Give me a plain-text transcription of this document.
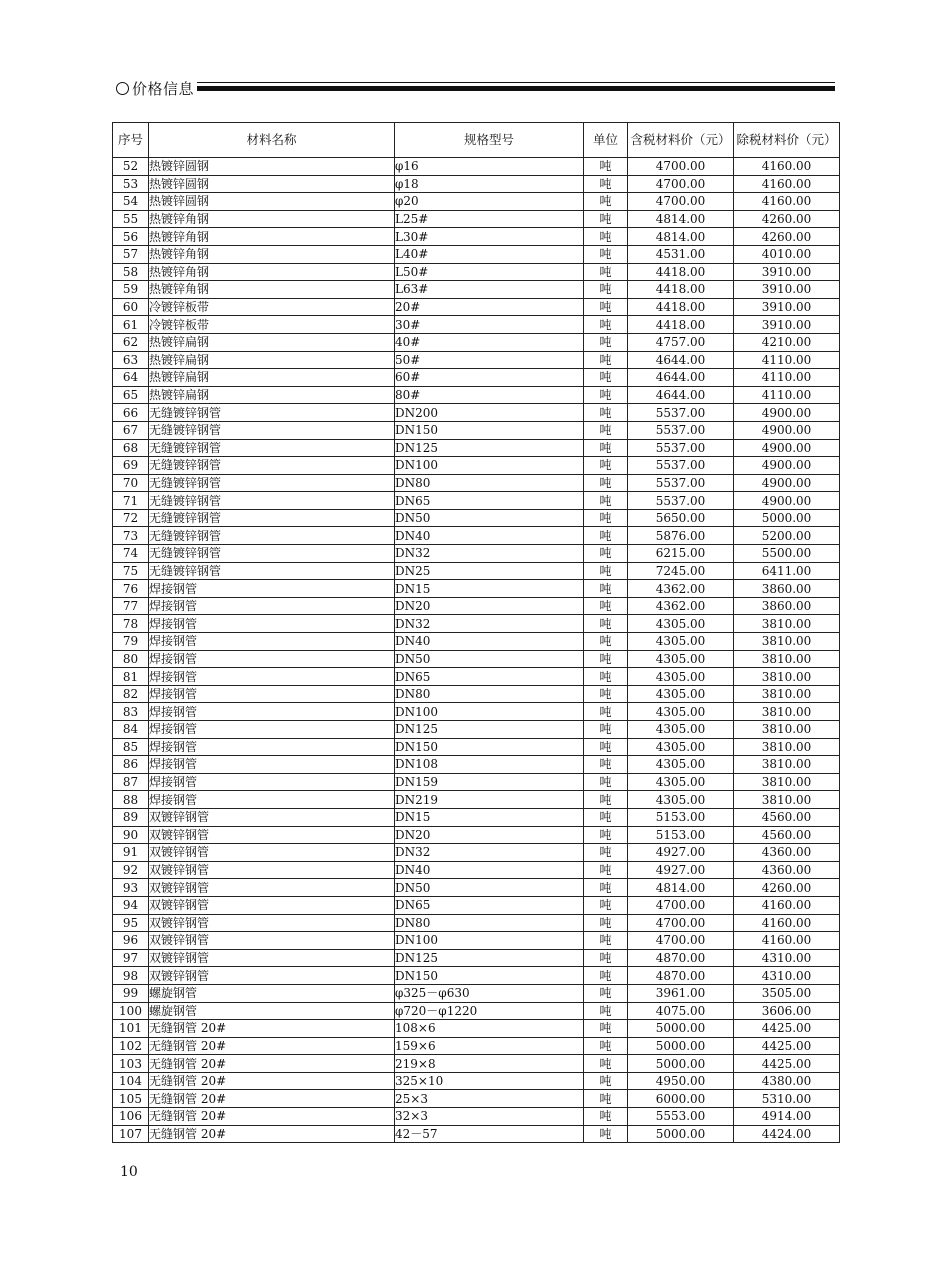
价格信息
序号	材料名称	规格型号	单位	含税材料价（元）	除税材料价（元）
52	热镀锌圆钢	φ16	吨	4700.00	4160.00
53	热镀锌圆钢	φ18	吨	4700.00	4160.00
54	热镀锌圆钢	φ20	吨	4700.00	4160.00
55	热镀锌角钢	L25#	吨	4814.00	4260.00
56	热镀锌角钢	L30#	吨	4814.00	4260.00
57	热镀锌角钢	L40#	吨	4531.00	4010.00
58	热镀锌角钢	L50#	吨	4418.00	3910.00
59	热镀锌角钢	L63#	吨	4418.00	3910.00
60	冷镀锌板带	20#	吨	4418.00	3910.00
61	冷镀锌板带	30#	吨	4418.00	3910.00
62	热镀锌扁钢	40#	吨	4757.00	4210.00
63	热镀锌扁钢	50#	吨	4644.00	4110.00
64	热镀锌扁钢	60#	吨	4644.00	4110.00
65	热镀锌扁钢	80#	吨	4644.00	4110.00
66	无缝镀锌钢管	DN200	吨	5537.00	4900.00
67	无缝镀锌钢管	DN150	吨	5537.00	4900.00
68	无缝镀锌钢管	DN125	吨	5537.00	4900.00
69	无缝镀锌钢管	DN100	吨	5537.00	4900.00
70	无缝镀锌钢管	DN80	吨	5537.00	4900.00
71	无缝镀锌钢管	DN65	吨	5537.00	4900.00
72	无缝镀锌钢管	DN50	吨	5650.00	5000.00
73	无缝镀锌钢管	DN40	吨	5876.00	5200.00
74	无缝镀锌钢管	DN32	吨	6215.00	5500.00
75	无缝镀锌钢管	DN25	吨	7245.00	6411.00
76	焊接钢管	DN15	吨	4362.00	3860.00
77	焊接钢管	DN20	吨	4362.00	3860.00
78	焊接钢管	DN32	吨	4305.00	3810.00
79	焊接钢管	DN40	吨	4305.00	3810.00
80	焊接钢管	DN50	吨	4305.00	3810.00
81	焊接钢管	DN65	吨	4305.00	3810.00
82	焊接钢管	DN80	吨	4305.00	3810.00
83	焊接钢管	DN100	吨	4305.00	3810.00
84	焊接钢管	DN125	吨	4305.00	3810.00
85	焊接钢管	DN150	吨	4305.00	3810.00
86	焊接钢管	DN108	吨	4305.00	3810.00
87	焊接钢管	DN159	吨	4305.00	3810.00
88	焊接钢管	DN219	吨	4305.00	3810.00
89	双镀锌钢管	DN15	吨	5153.00	4560.00
90	双镀锌钢管	DN20	吨	5153.00	4560.00
91	双镀锌钢管	DN32	吨	4927.00	4360.00
92	双镀锌钢管	DN40	吨	4927.00	4360.00
93	双镀锌钢管	DN50	吨	4814.00	4260.00
94	双镀锌钢管	DN65	吨	4700.00	4160.00
95	双镀锌钢管	DN80	吨	4700.00	4160.00
96	双镀锌钢管	DN100	吨	4700.00	4160.00
97	双镀锌钢管	DN125	吨	4870.00	4310.00
98	双镀锌钢管	DN150	吨	4870.00	4310.00
99	螺旋钢管	φ325－φ630	吨	3961.00	3505.00
100	螺旋钢管	φ720－φ1220	吨	4075.00	3606.00
101	无缝钢管 20#	108×6	吨	5000.00	4425.00
102	无缝钢管 20#	159×6	吨	5000.00	4425.00
103	无缝钢管 20#	219×8	吨	5000.00	4425.00
104	无缝钢管 20#	325×10	吨	4950.00	4380.00
105	无缝钢管 20#	25×3	吨	6000.00	5310.00
106	无缝钢管 20#	32×3	吨	5553.00	4914.00
107	无缝钢管 20#	42－57	吨	5000.00	4424.00
10
